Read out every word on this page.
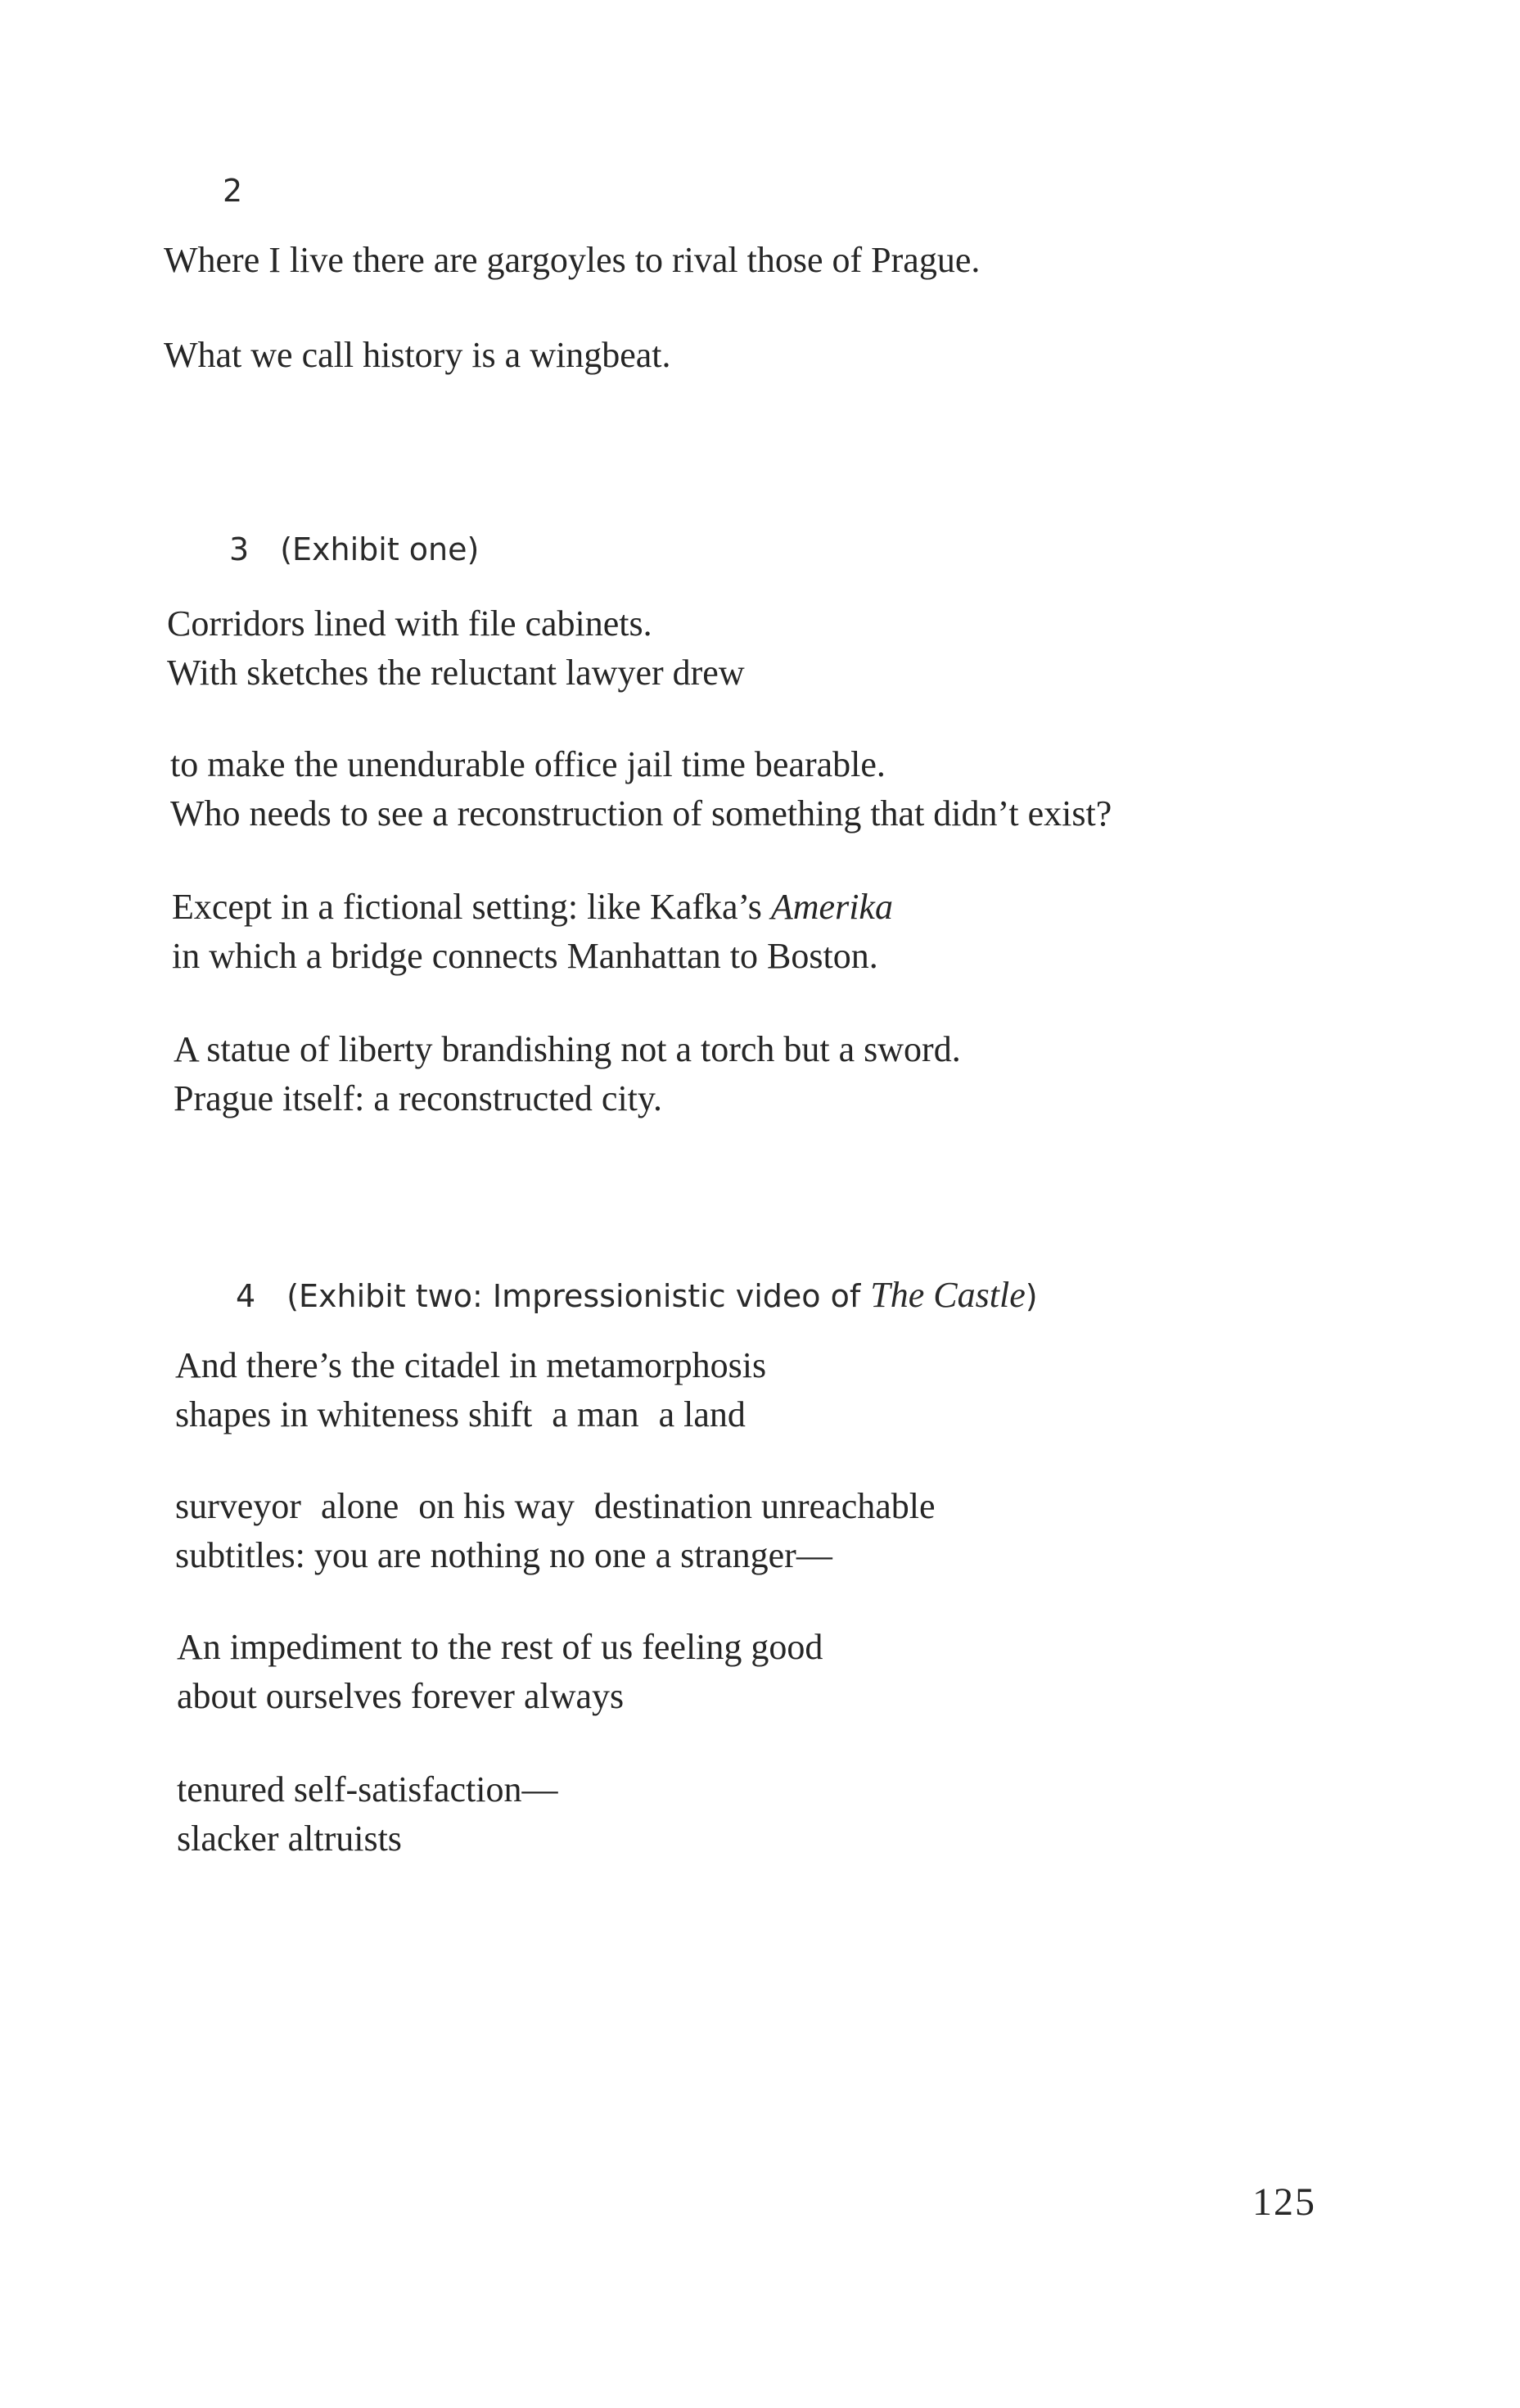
2
Where I live there are gargoyles to rival those of Prague.
What we call history is a wingbeat.
3 (Exhibit one)
Corridors lined with file cabinets.
With sketches the reluctant lawyer drew
to make the unendurable office jail time bearable.
Who needs to see a reconstruction of something that didn’t exist?
Except in a fictional setting: like Kafka’s Amerika
in which a bridge connects Manhattan to Boston.
A statue of liberty brandishing not a torch but a sword.
Prague itself: a reconstructed city.
4 (Exhibit two: Impressionistic video of The Castle)
And there’s the citadel in metamorphosis
shapes in whiteness shift a man a land
surveyor alone on his way destination unreachable
subtitles: you are nothing no one a stranger—
An impediment to the rest of us feeling good
about ourselves forever always
tenured self-satisfaction—
slacker altruists
125
